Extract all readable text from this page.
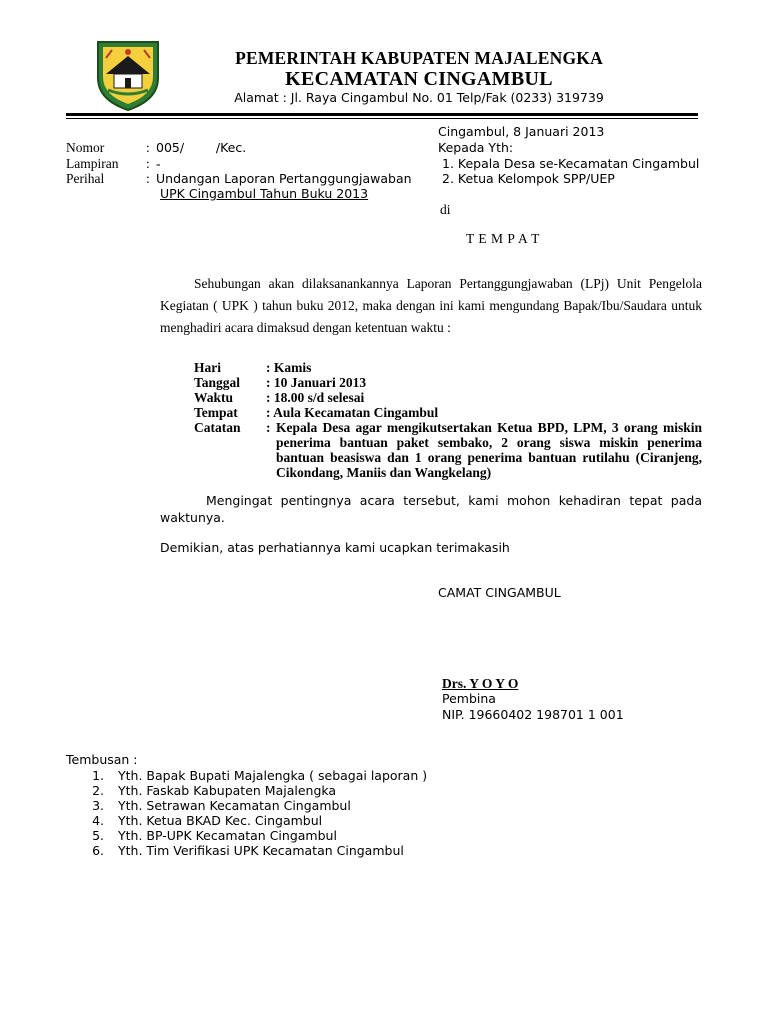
PEMERINTAH KABUPATEN MAJALENGKA
KECAMATAN CINGAMBUL
Alamat : Jl. Raya Cingambul No. 01 Telp/Fak (0233) 319739
Cingambul, 8 Januari 2013
Kepada Yth:
1. Kepala Desa se-Kecamatan Cingambul
2. Ketua Kelompok SPP/UEP
di
T E M P A T
Nomor	: 005/        /Kec.
Lampiran : -
Perihal	: Undangan Laporan Pertanggungjawaban
UPK Cingambul Tahun Buku 2013
Sehubungan akan dilaksanankannya Laporan Pertanggungjawaban (LPj) Unit Pengelola Kegiatan ( UPK ) tahun buku 2012, maka dengan ini kami mengundang Bapak/Ibu/Saudara untuk menghadiri acara dimaksud dengan ketentuan waktu :
Hari	: Kamis
Tanggal : 10 Januari 2013
Waktu : 18.00 s/d selesai
Tempat : Aula Kecamatan Cingambul
Catatan : Kepala Desa agar mengikutsertakan Ketua BPD, LPM, 3 orang miskin penerima bantuan paket sembako, 2 orang siswa miskin penerima bantuan beasiswa dan 1 orang penerima bantuan rutilahu (Ciranjeng, Cikondang, Maniis dan Wangkelang)
Mengingat pentingnya acara tersebut, kami mohon kehadiran tepat pada waktunya.
Demikian, atas perhatiannya kami ucapkan terimakasih
CAMAT CINGAMBUL
Drs. Y O Y O
Pembina
NIP. 19660402 198701 1 001
Tembusan :
1. Yth. Bapak Bupati Majalengka ( sebagai laporan )
2. Yth. Faskab Kabupaten Majalengka
3. Yth. Setrawan Kecamatan Cingambul
4. Yth. Ketua BKAD Kec. Cingambul
5. Yth. BP-UPK Kecamatan Cingambul
6. Yth. Tim Verifikasi UPK Kecamatan Cingambul
